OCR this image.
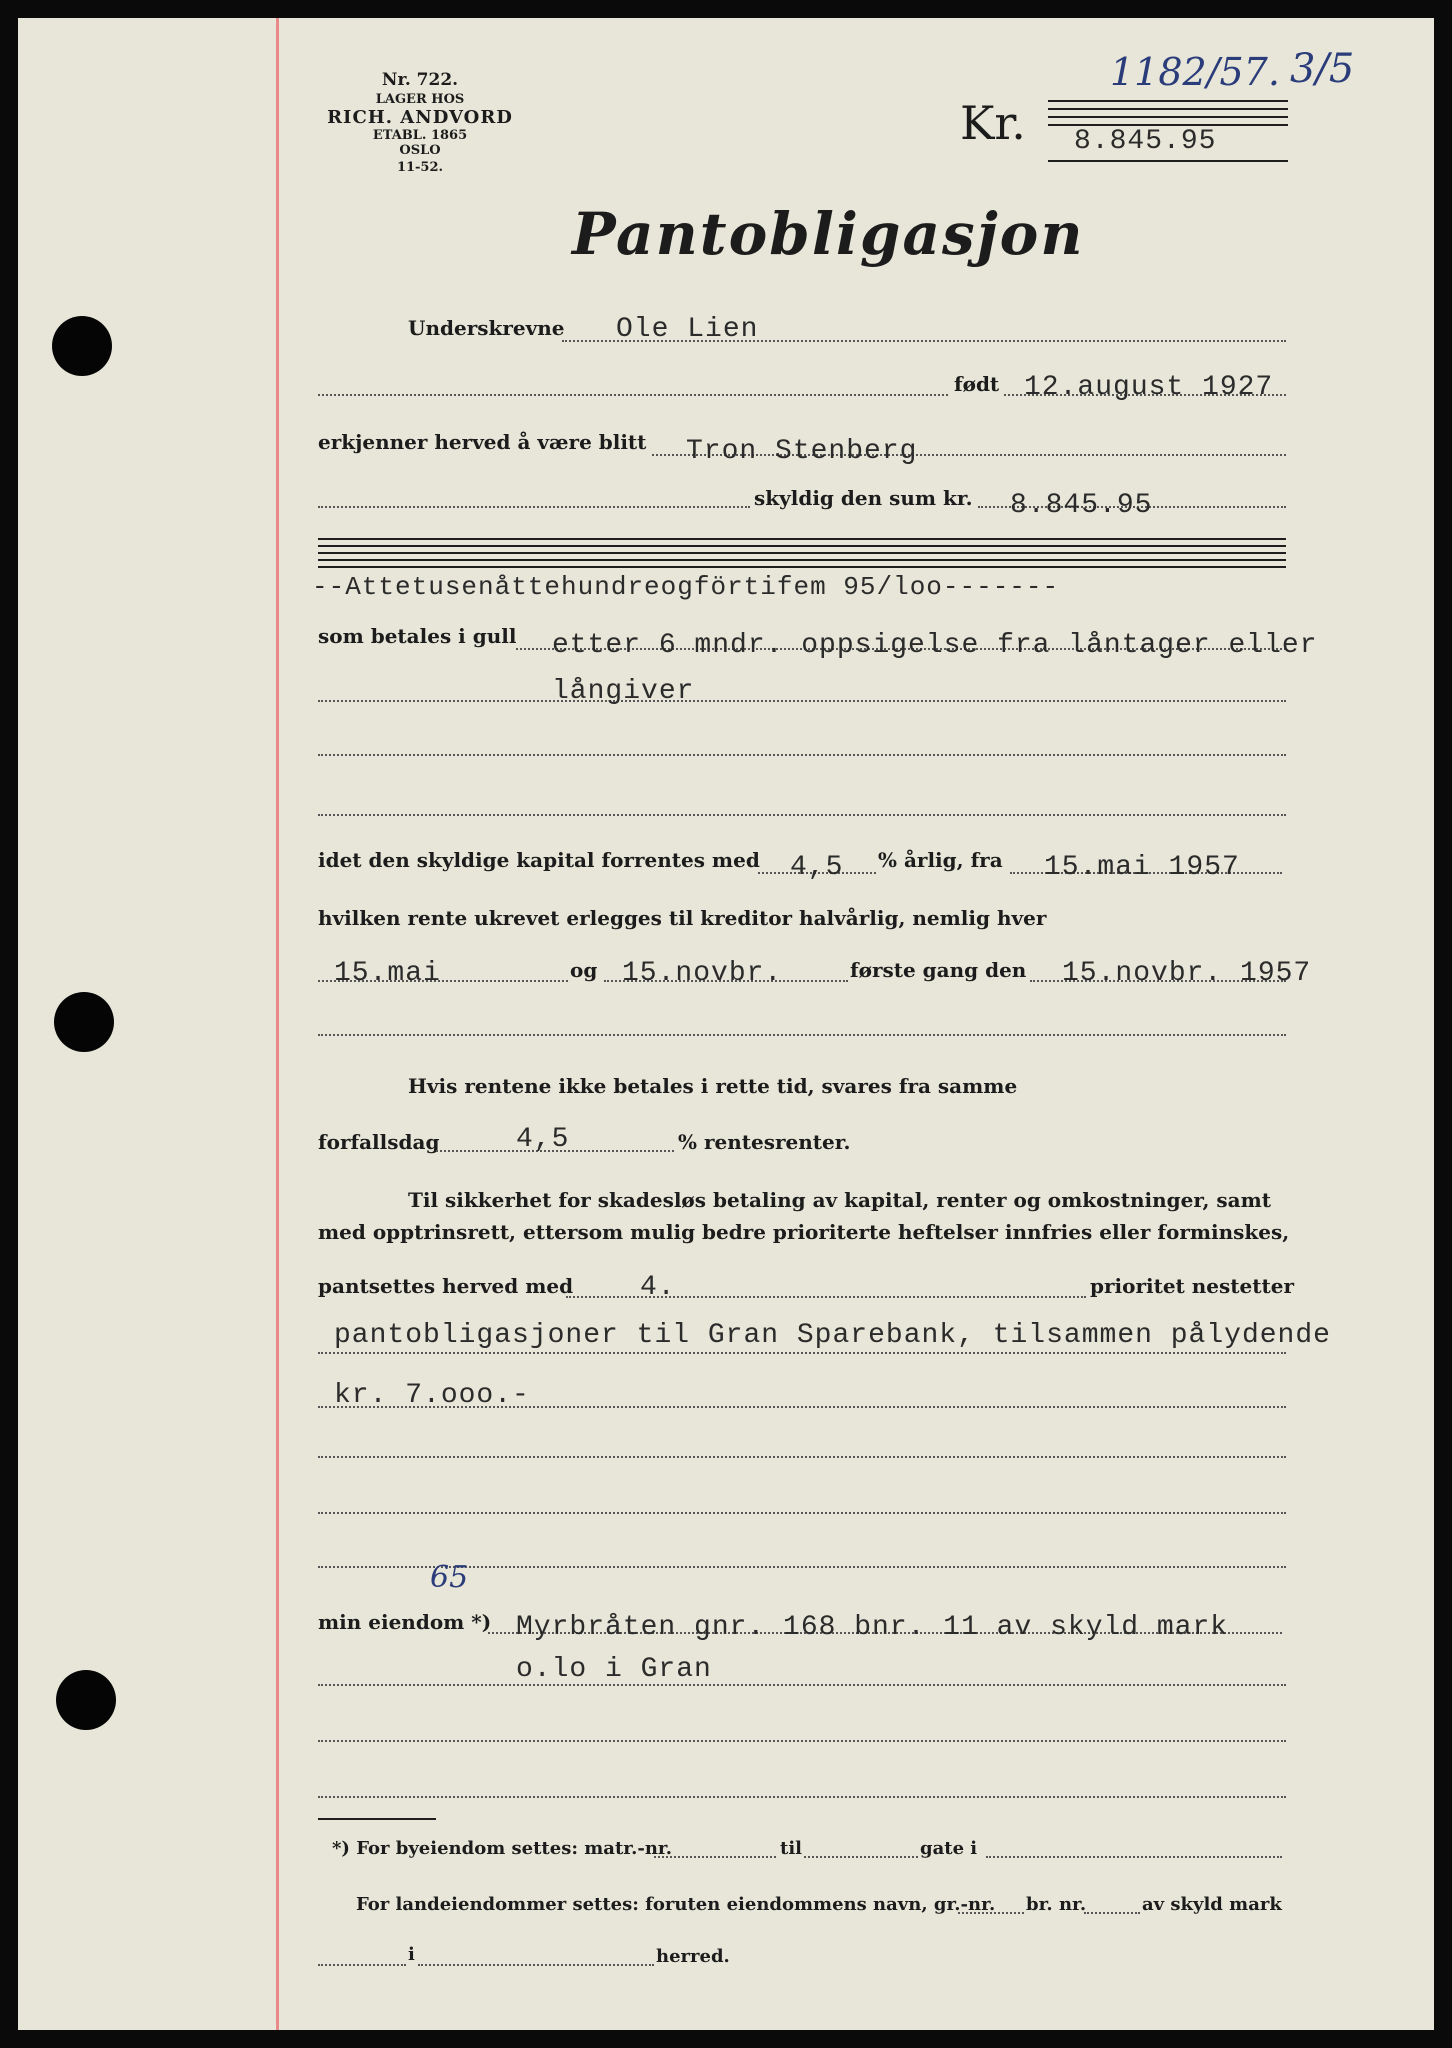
Nr. 722.
LAGER HOS
RICH. ANDVORD
ETABL. 1865
OSLO
11-52.
1182/57. 3/5
Kr. 8.845.95
Pantobligasjon
Underskrevne Ole Lien
født 12.august 1927
erkjenner herved å være blitt Tron Stenberg
skyldig den sum kr. 8.845.95
--Attetusenåttehundreogförtifem 95/loo-------
som betales i gull etter 6 mndr. oppsigelse fra låntager eller
långiver
idet den skyldige kapital forrentes med 4,5 % årlig, fra 15.mai 1957
hvilken rente ukrevet erlegges til kreditor halvårlig, nemlig hver
15.mai	og 15.novbr.	første gang den 15.novbr. 1957
Hvis rentene ikke betales i rette tid, svares fra samme
forfallsdag	4,5	% rentesrenter.
Til sikkerhet for skadesløs betaling av kapital, renter og omkostninger, samt
med opptrinsrett, ettersom mulig bedre prioriterte heftelser innfries eller forminskes,
pantsettes herved med 4.	prioritet nestetter
pantobligasjoner til Gran Sparebank, tilsammen pålydende
kr. 7.ooo.-
65
min eiendom *) Myrbråten gnr. 168 bnr. 11 av skyld mark
o.lo i Gran
*) For byeiendom settes: matr.-nr.	til	gate i
For landeiendommer settes: foruten eiendommens navn, gr.-nr. br. nr.	av skyld mark
i	herred.
